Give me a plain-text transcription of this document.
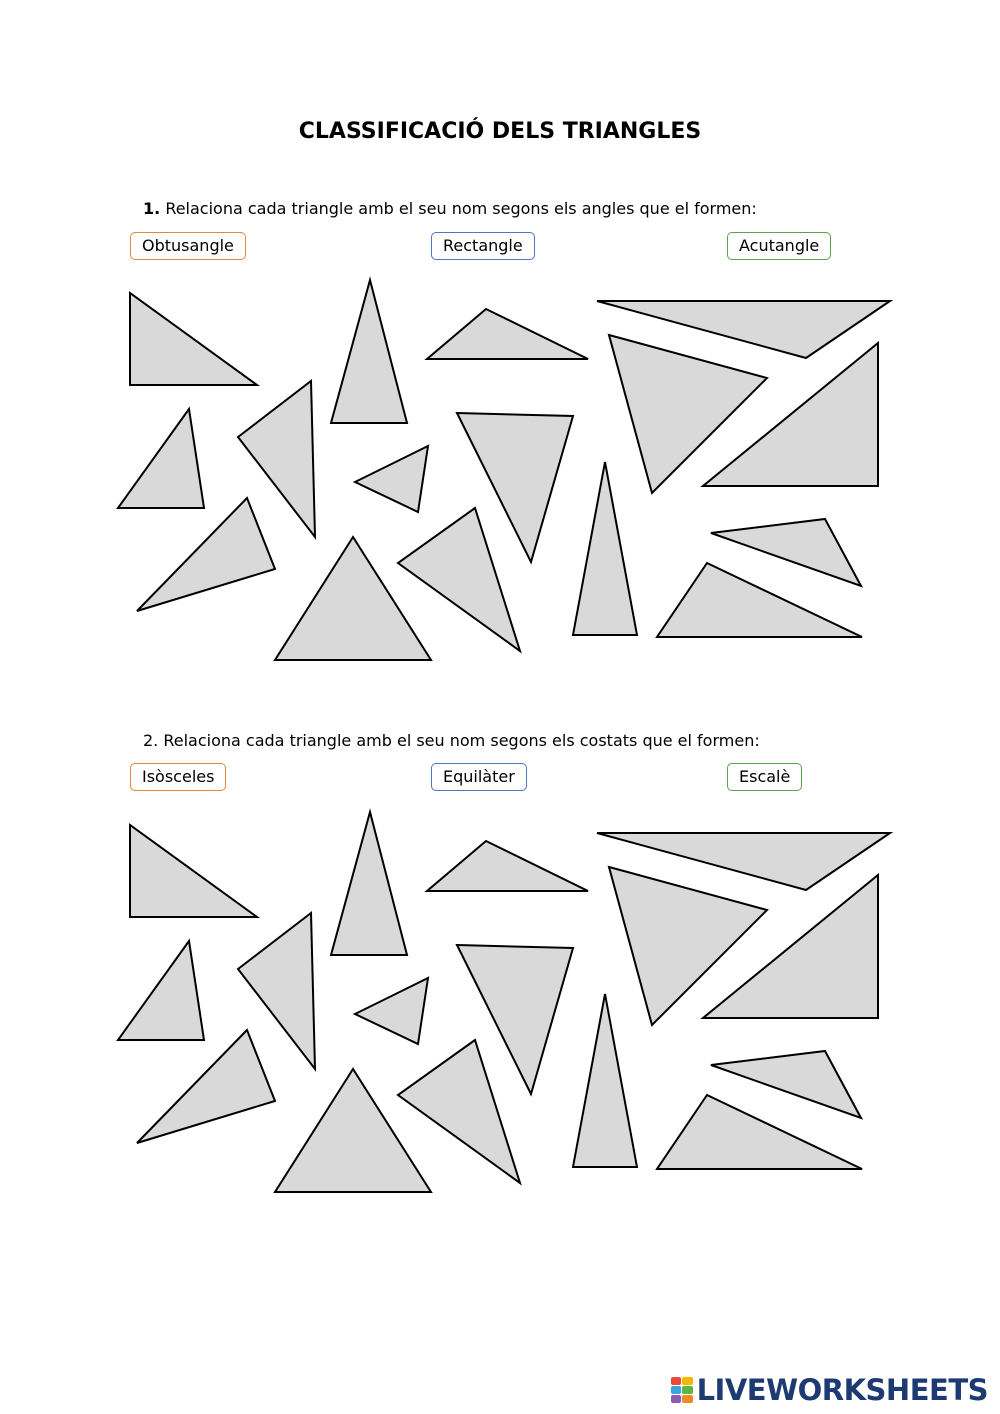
CLASSIFICACIÓ DELS TRIANGLES

1. Relaciona cada triangle amb el seu nom segons els angles que el formen:

Obtusangle	Rectangle	Acutangle

2. Relaciona cada triangle amb el seu nom segons els costats que el formen:

Isòsceles	Equilàter	Escalè
LIVEWORKSHEETS
